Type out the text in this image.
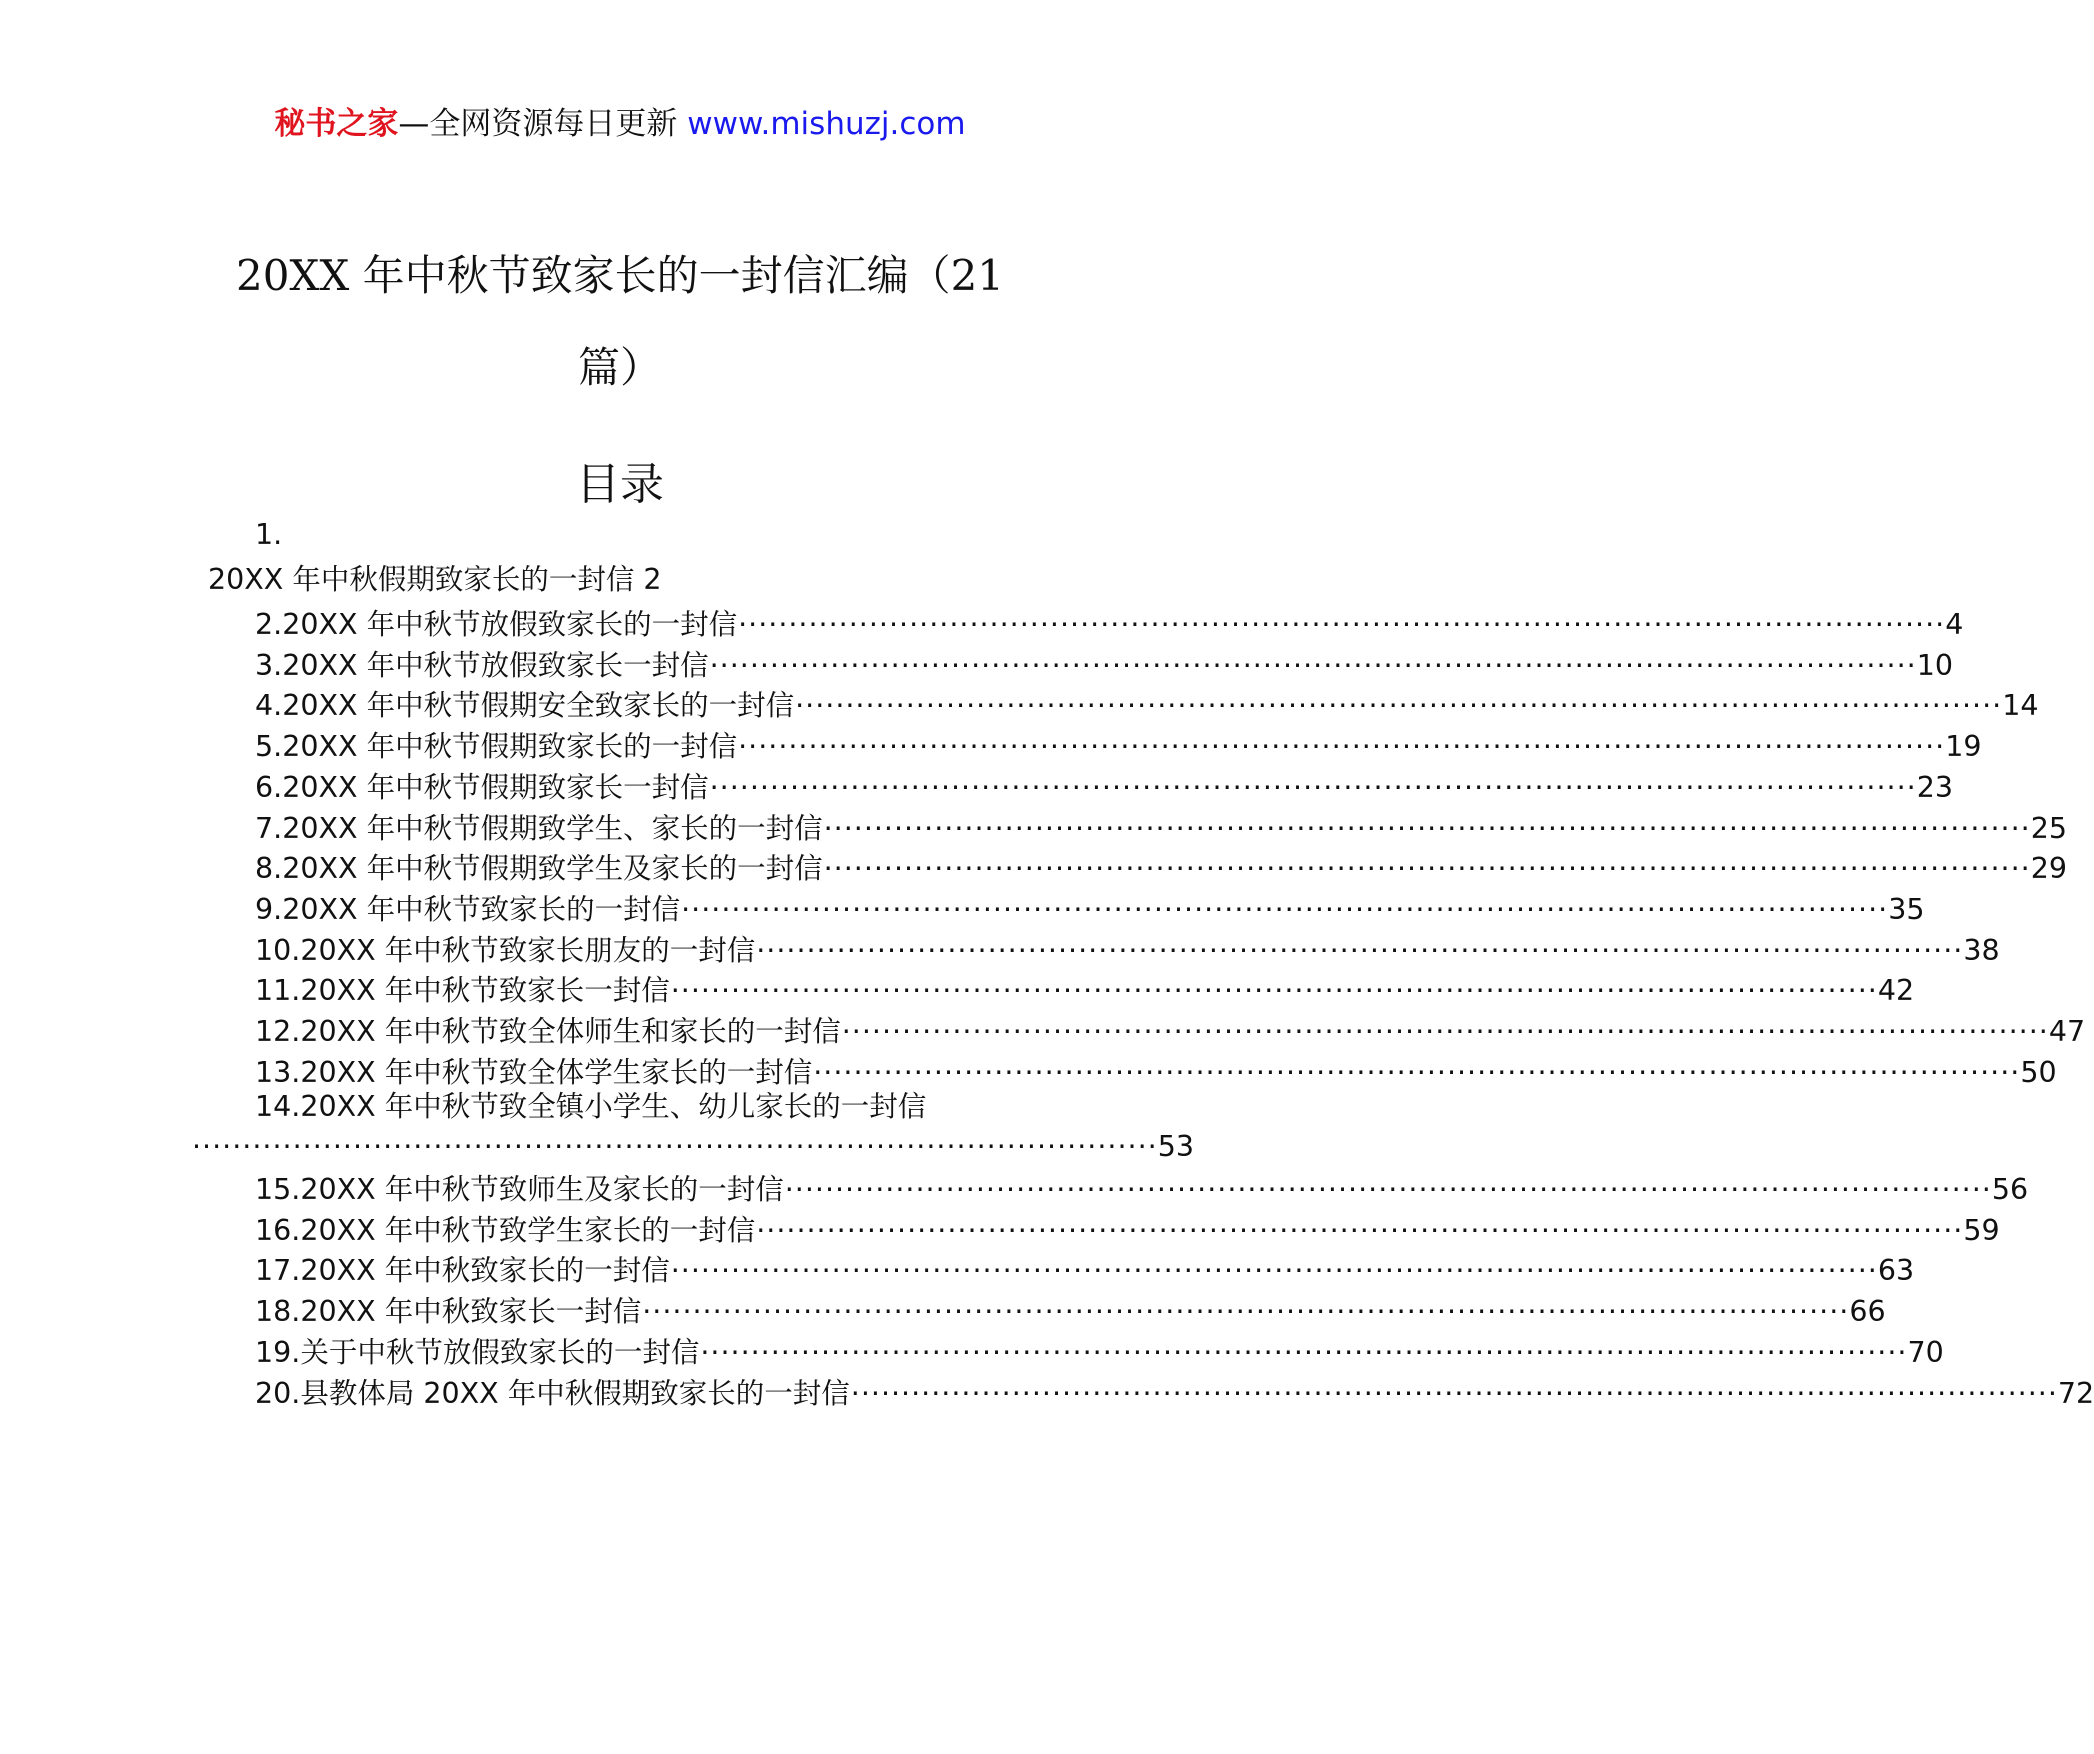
秘书之家—全网资源每日更新 www.mishuzj.com
20XX 年中秋节致家长的一封信汇编（21
篇）
目录
1.
20XX 年中秋假期致家长的一封信 2
2.20XX 年中秋节放假致家长的一封信 ························································································································ 4
3.20XX 年中秋节放假致家长一封信 ························································································································ 10
4.20XX 年中秋节假期安全致家长的一封信 ························································································································ 14
5.20XX 年中秋节假期致家长的一封信 ························································································································ 19
6.20XX 年中秋节假期致家长一封信 ························································································································ 23
7.20XX 年中秋节假期致学生、家长的一封信 ························································································································ 25
8.20XX 年中秋节假期致学生及家长的一封信 ························································································································ 29
9.20XX 年中秋节致家长的一封信 ························································································································ 35
10.20XX 年中秋节致家长朋友的一封信 ························································································································ 38
11.20XX 年中秋节致家长一封信 ························································································································ 42
12.20XX 年中秋节致全体师生和家长的一封信 ························································································································ 47
13.20XX 年中秋节致全体学生家长的一封信 ························································································································ 50
14.20XX 年中秋节致全镇小学生、幼儿家长的一封信
································································································ 53
15.20XX 年中秋节致师生及家长的一封信 ························································································································ 56
16.20XX 年中秋节致学生家长的一封信 ························································································································ 59
17.20XX 年中秋致家长的一封信 ························································································································ 63
18.20XX 年中秋致家长一封信 ························································································································ 66
19.关于中秋节放假致家长的一封信 ························································································································ 70
20.县教体局 20XX 年中秋假期致家长的一封信 ························································································································ 72
